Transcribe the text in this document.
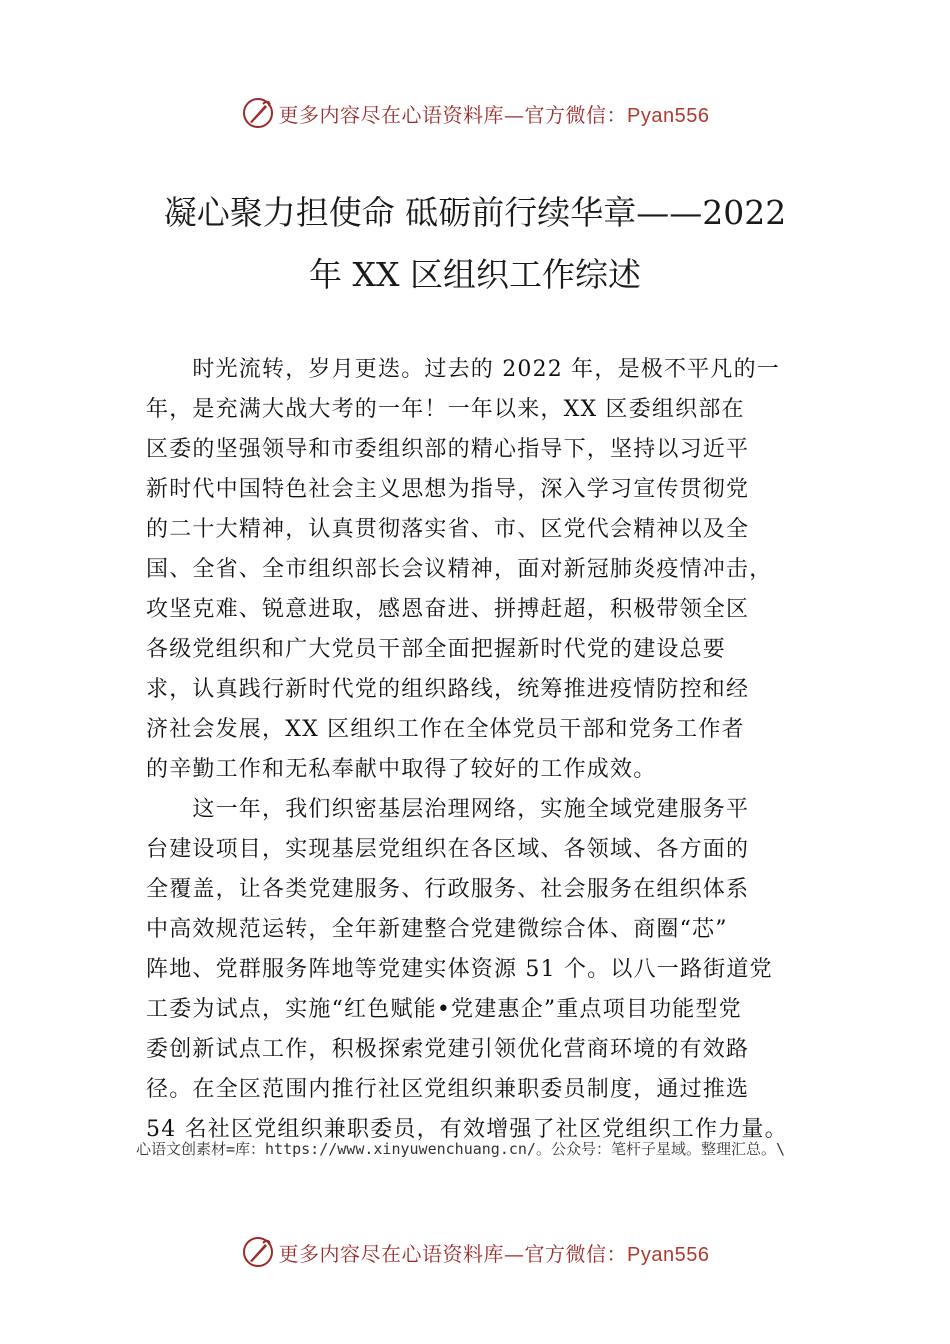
更多内容尽在心语资料库—官方微信：Pyan556
凝心聚力担使命 砥砺前行续华章——2022
年 XX 区组织工作综述

　　时光流转，岁月更迭。过去的 2022 年，是极不平凡的一

年，是充满大战大考的一年！一年以来，XX 区委组织部在

区委的坚强领导和市委组织部的精心指导下，坚持以习近平

新时代中国特色社会主义思想为指导，深入学习宣传贯彻党

的二十大精神，认真贯彻落实省、市、区党代会精神以及全

国、全省、全市组织部长会议精神，面对新冠肺炎疫情冲击，

攻坚克难、锐意进取，感恩奋进、拼搏赶超，积极带领全区

各级党组织和广大党员干部全面把握新时代党的建设总要

求，认真践行新时代党的组织路线，统筹推进疫情防控和经

济社会发展，XX 区组织工作在全体党员干部和党务工作者

的辛勤工作和无私奉献中取得了较好的工作成效。

　　这一年，我们织密基层治理网络，实施全域党建服务平

台建设项目，实现基层党组织在各区域、各领域、各方面的

全覆盖，让各类党建服务、行政服务、社会服务在组织体系

中高效规范运转，全年新建整合党建微综合体、商圈“芯”

阵地、党群服务阵地等党建实体资源 51 个。以八一路街道党

工委为试点，实施“红色赋能•党建惠企”重点项目功能型党

委创新试点工作，积极探索党建引领优化营商环境的有效路

径。在全区范围内推行社区党组织兼职委员制度，通过推选

54 名社区党组织兼职委员，有效增强了社区党组织工作力量。

心语文创素材=库：https://www.xinyuwenchuang.cn/。公众号：笔杆子星域。整理汇总。\
更多内容尽在心语资料库—官方微信：Pyan556
